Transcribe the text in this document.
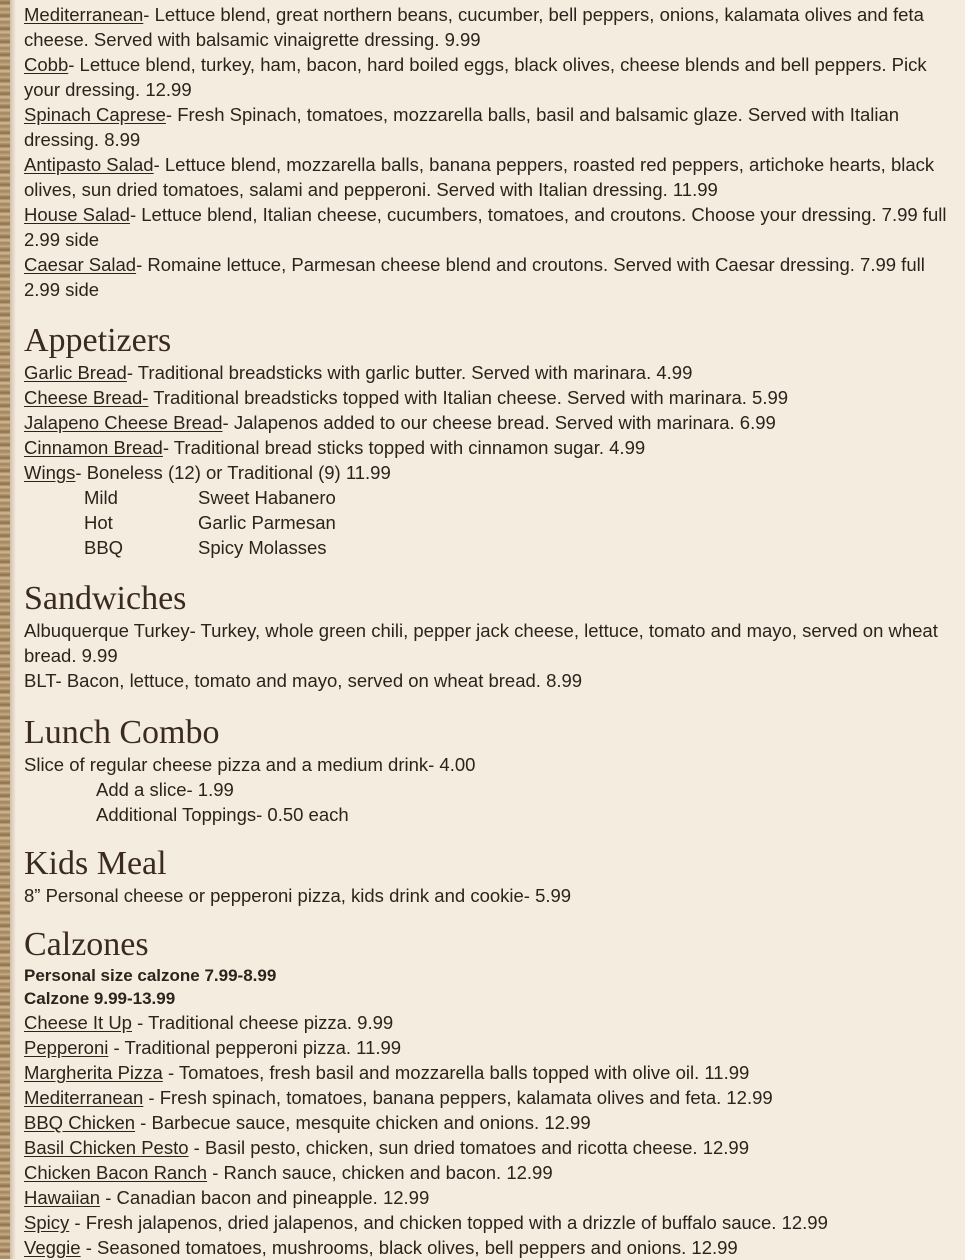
Mediterranean- Lettuce blend, great northern beans, cucumber, bell peppers, onions, kalamata olives and feta cheese. Served with balsamic vinaigrette dressing. 9.99

Cobb- Lettuce blend, turkey, ham, bacon, hard boiled eggs, black olives, cheese blends and bell peppers. Pick your dressing. 12.99

Spinach Caprese- Fresh Spinach, tomatoes, mozzarella balls, basil and balsamic glaze. Served with Italian dressing. 8.99

Antipasto Salad- Lettuce blend, mozzarella balls, banana peppers, roasted red peppers, artichoke hearts, black olives, sun dried tomatoes, salami and pepperoni. Served with Italian dressing. 11.99

House Salad- Lettuce blend, Italian cheese, cucumbers, tomatoes, and croutons. Choose your dressing. 7.99 full 2.99 side

Caesar Salad- Romaine lettuce, Parmesan cheese blend and croutons. Served with Caesar dressing. 7.99 full 2.99 side

Appetizers

Garlic Bread- Traditional breadsticks with garlic butter. Served with marinara. 4.99

Cheese Bread- Traditional breadsticks topped with Italian cheese. Served with marinara. 5.99

Jalapeno Cheese Bread- Jalapenos added to our cheese bread. Served with marinara. 6.99

Cinnamon Bread- Traditional bread sticks topped with cinnamon sugar. 4.99

Wings- Boneless (12) or Traditional (9) 11.99

Mild	Sweet Habanero
Hot	Garlic Parmesan
BBQ	Spicy Molasses
Sandwiches

Albuquerque Turkey- Turkey, whole green chili, pepper jack cheese, lettuce, tomato and mayo, served on wheat bread. 9.99

BLT- Bacon, lettuce, tomato and mayo, served on wheat bread. 8.99

Lunch Combo

Slice of regular cheese pizza and a medium drink- 4.00

Add a slice- 1.99

Additional Toppings- 0.50 each

Kids Meal

8” Personal cheese or pepperoni pizza, kids drink and cookie- 5.99

Calzones

Personal size calzone 7.99-8.99

Calzone 9.99-13.99

Cheese It Up - Traditional cheese pizza. 9.99

Pepperoni - Traditional pepperoni pizza. 11.99

Margherita Pizza - Tomatoes, fresh basil and mozzarella balls topped with olive oil. 11.99

Mediterranean - Fresh spinach, tomatoes, banana peppers, kalamata olives and feta. 12.99

BBQ Chicken - Barbecue sauce, mesquite chicken and onions. 12.99

Basil Chicken Pesto - Basil pesto, chicken, sun dried tomatoes and ricotta cheese. 12.99

Chicken Bacon Ranch - Ranch sauce, chicken and bacon. 12.99

Hawaiian - Canadian bacon and pineapple. 12.99

Spicy - Fresh jalapenos, dried jalapenos, and chicken topped with a drizzle of buffalo sauce. 12.99

Veggie - Seasoned tomatoes, mushrooms, black olives, bell peppers and onions. 12.99
